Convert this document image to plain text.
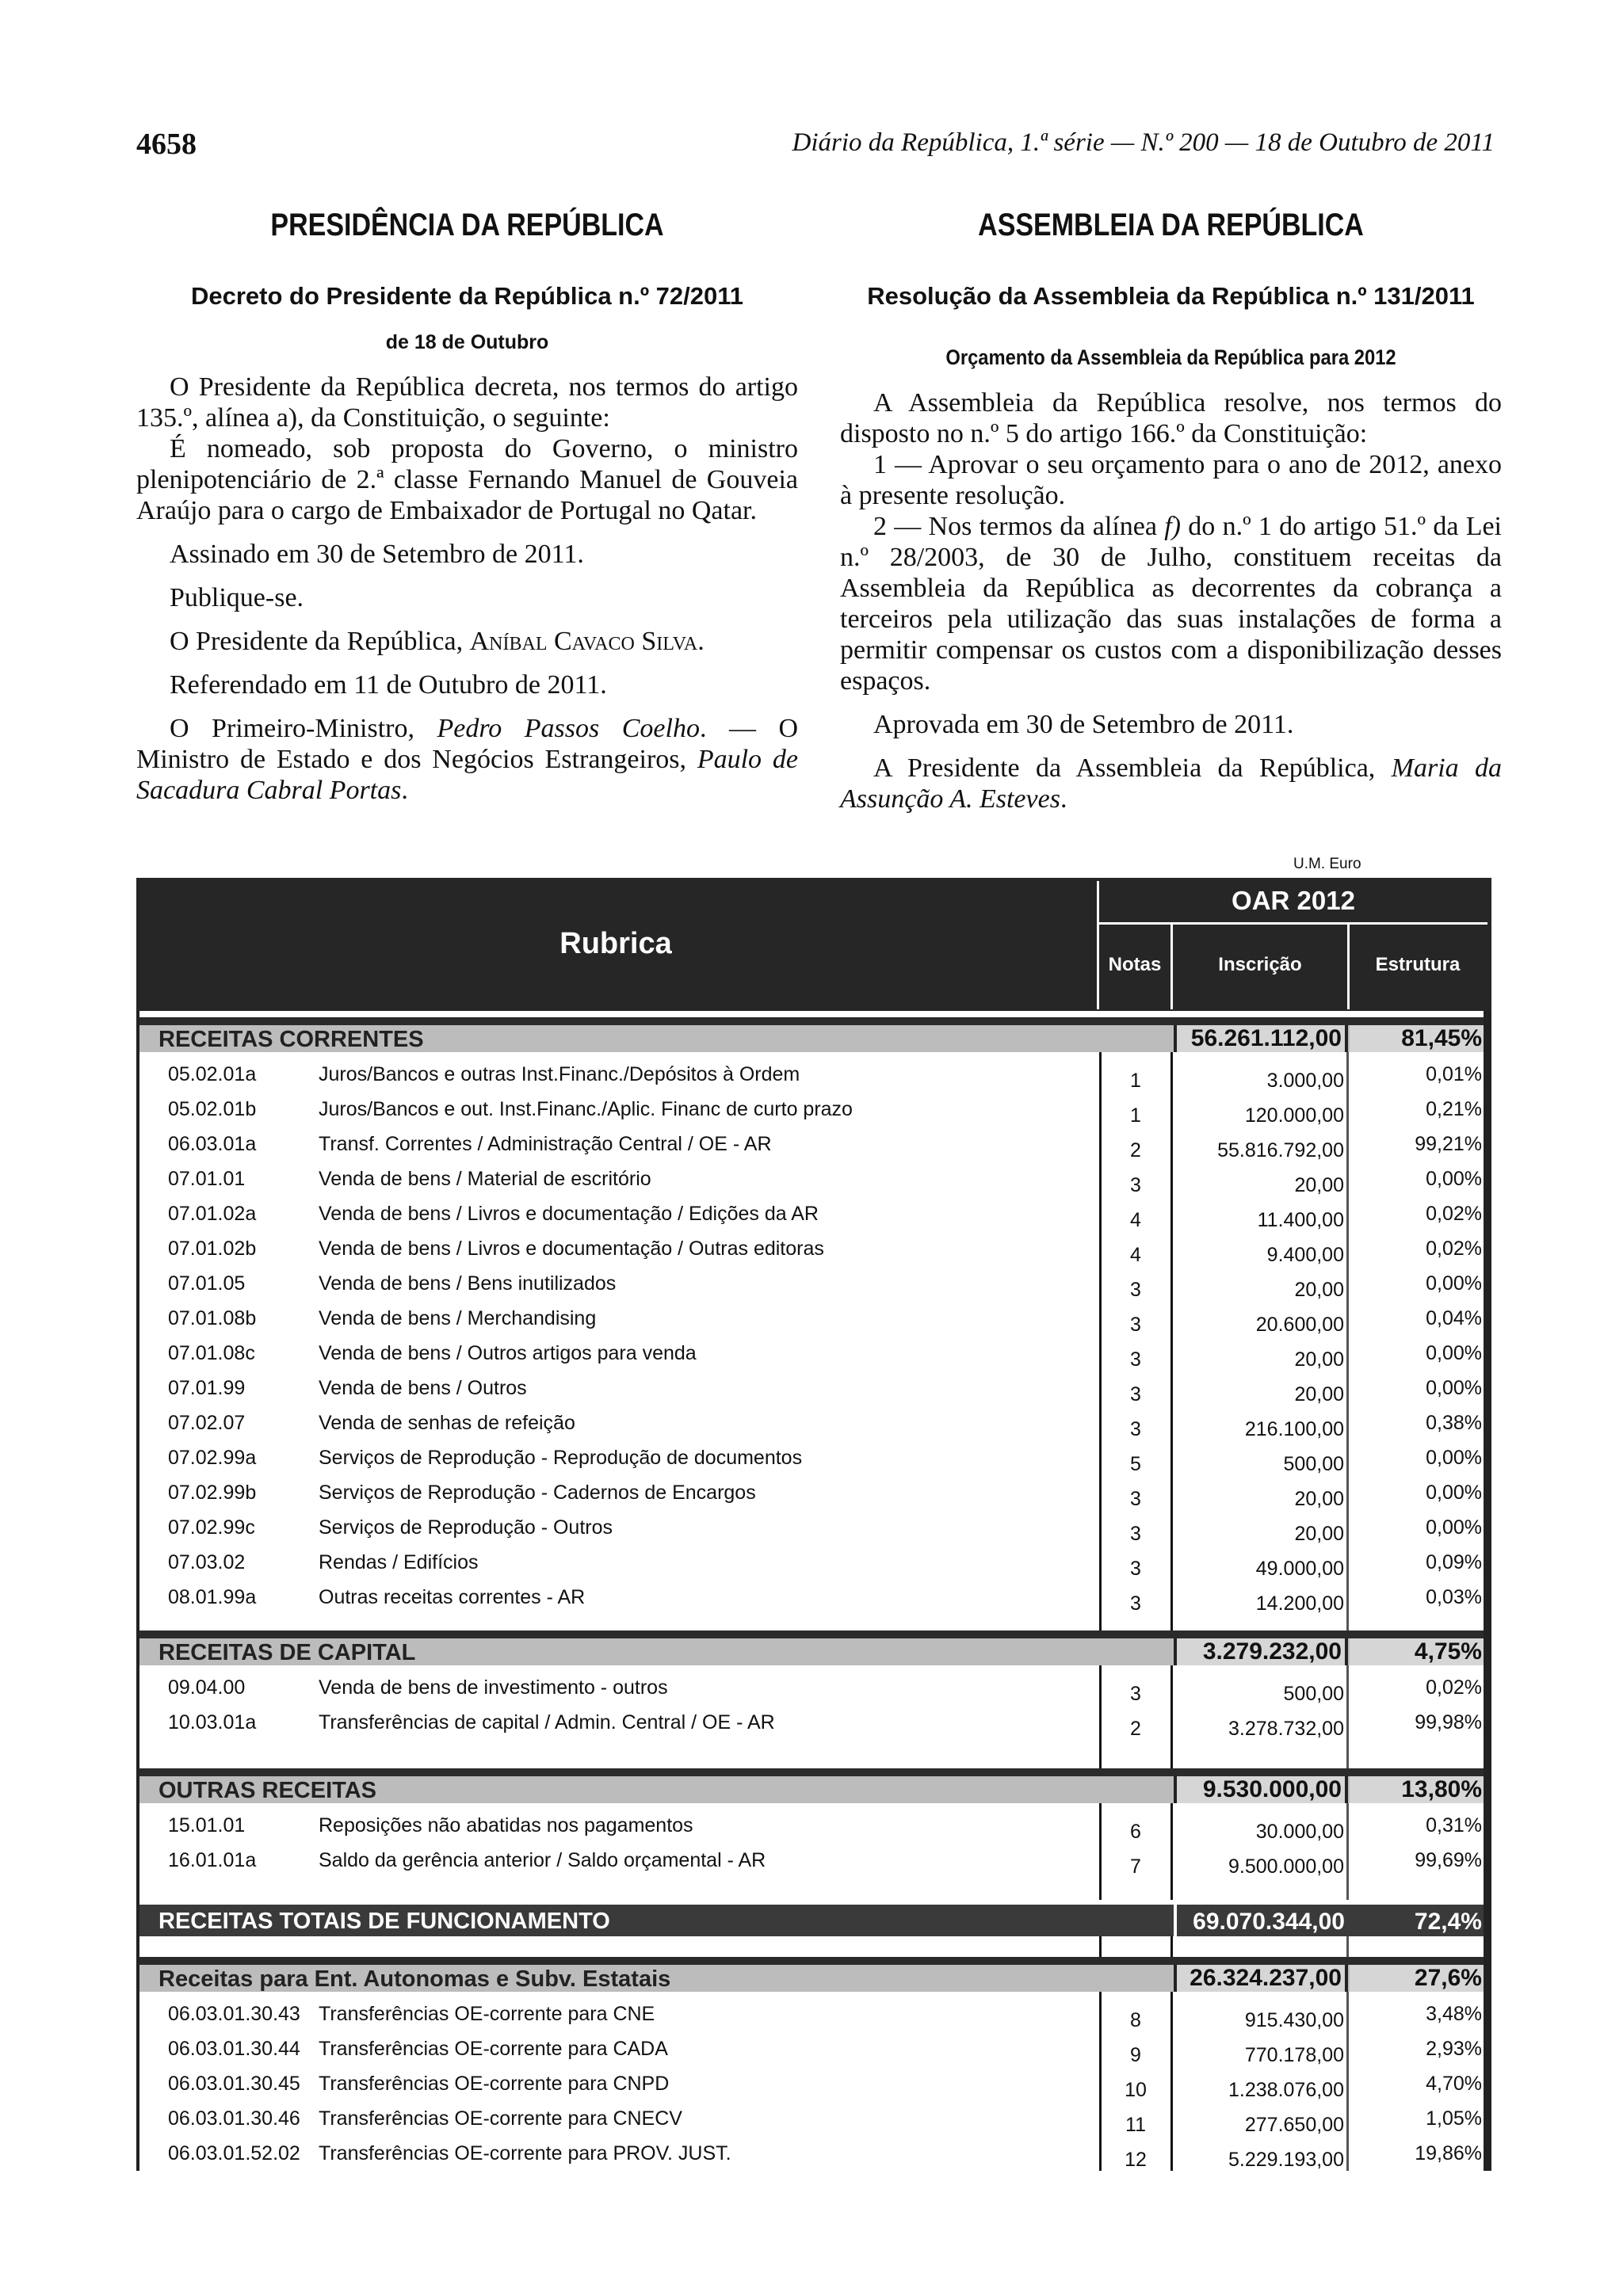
4658	Diário da República, 1.ª série — N.º 200 — 18 de Outubro de 2011
PRESIDÊNCIA DA REPÚBLICA
Decreto do Presidente da República n.º 72/2011
de 18 de Outubro

O Presidente da República decreta, nos termos do artigo 135.º, alínea a), da Constituição, o seguinte:

É nomeado, sob proposta do Governo, o ministro plenipotenciário de 2.ª classe Fernando Manuel de Gouveia Araújo para o cargo de Embaixador de Portugal no Qatar.

Assinado em 30 de Setembro de 2011.

Publique-se.

O Presidente da República, Aníbal Cavaco Silva.

Referendado em 11 de Outubro de 2011.

O Primeiro-Ministro, Pedro Passos Coelho. — O Ministro de Estado e dos Negócios Estrangeiros, Paulo de Sacadura Cabral Portas.

ASSEMBLEIA DA REPÚBLICA
Resolução da Assembleia da República n.º 131/2011
Orçamento da Assembleia da República para 2012

A Assembleia da República resolve, nos termos do disposto no n.º 5 do artigo 166.º da Constituição:

1 — Aprovar o seu orçamento para o ano de 2012, anexo à presente resolução.

2 — Nos termos da alínea f) do n.º 1 do artigo 51.º da Lei n.º 28/2003, de 30 de Julho, constituem receitas da Assembleia da República as decorrentes da cobrança a terceiros pela utilização das suas instalações de forma a permitir compensar os custos com a disponibilização desses espaços.

Aprovada em 30 de Setembro de 2011.

A Presidente da Assembleia da República, Maria da Assunção A. Esteves.

U.M. Euro
Rubrica
OAR 2012
Notas	Inscrição	Estrutura
RECEITAS CORRENTES	56.261.112,00	81,45%
05.02.01a	Juros/Bancos e outras Inst.Financ./Depósitos à Ordem	1	3.000,00	0,01%
05.02.01b	Juros/Bancos e out. Inst.Financ./Aplic. Financ de curto prazo	1	120.000,00	0,21%
06.03.01a	Transf. Correntes / Administração Central / OE - AR	2	55.816.792,00	99,21%
07.01.01	Venda de bens / Material de escritório	3	20,00	0,00%
07.01.02a	Venda de bens / Livros e documentação / Edições da AR	4	11.400,00	0,02%
07.01.02b	Venda de bens / Livros e documentação / Outras editoras	4	9.400,00	0,02%
07.01.05	Venda de bens / Bens inutilizados	3	20,00	0,00%
07.01.08b	Venda de bens / Merchandising	3	20.600,00	0,04%
07.01.08c	Venda de bens / Outros artigos para venda	3	20,00	0,00%
07.01.99	Venda de bens / Outros	3	20,00	0,00%
07.02.07	Venda de senhas de refeição	3	216.100,00	0,38%
07.02.99a	Serviços de Reprodução - Reprodução de documentos	5	500,00	0,00%
07.02.99b	Serviços de Reprodução - Cadernos de Encargos	3	20,00	0,00%
07.02.99c	Serviços de Reprodução - Outros	3	20,00	0,00%
07.03.02	Rendas / Edifícios	3	49.000,00	0,09%
08.01.99a	Outras receitas correntes - AR	3	14.200,00	0,03%
RECEITAS DE CAPITAL	3.279.232,00	4,75%
09.04.00	Venda de bens de investimento - outros	3	500,00	0,02%
10.03.01a	Transferências de capital / Admin. Central / OE - AR	2	3.278.732,00	99,98%
OUTRAS RECEITAS	9.530.000,00	13,80%
15.01.01	Reposições não abatidas nos pagamentos	6	30.000,00	0,31%
16.01.01a	Saldo da gerência anterior / Saldo orçamental - AR	7	9.500.000,00	99,69%
RECEITAS TOTAIS DE FUNCIONAMENTO	69.070.344,00	72,4%
Receitas para Ent. Autonomas e Subv. Estatais	26.324.237,00	27,6%
06.03.01.30.43 Transferências OE-corrente para CNE	8	915.430,00	3,48%
06.03.01.30.44 Transferências OE-corrente para CADA	9	770.178,00	2,93%
06.03.01.30.45 Transferências OE-corrente para CNPD	10	1.238.076,00	4,70%
06.03.01.30.46 Transferências OE-corrente para CNECV	11	277.650,00	1,05%
06.03.01.52.02 Transferências OE-corrente para PROV. JUST.	12	5.229.193,00	19,86%
